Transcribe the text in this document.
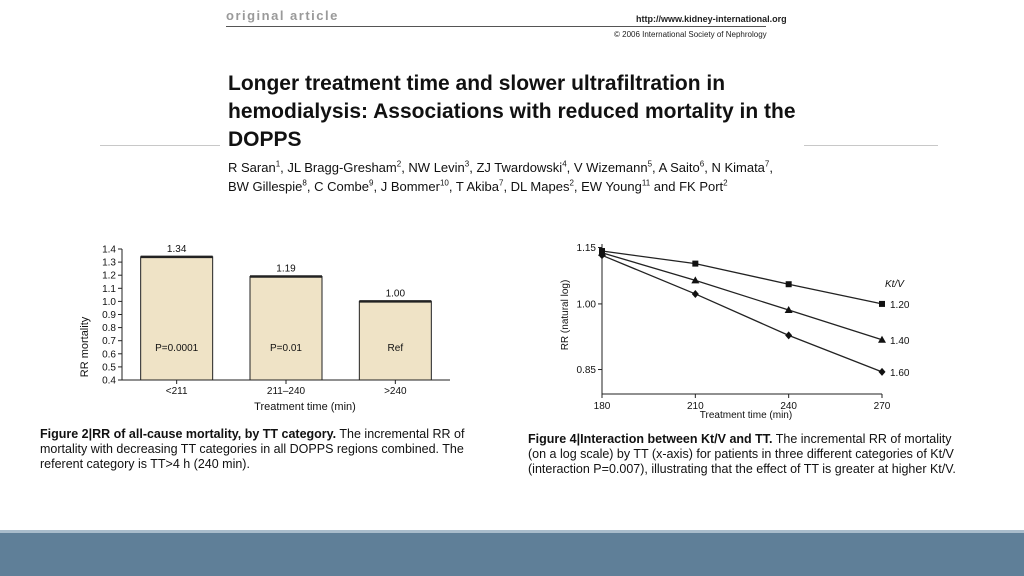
original article	http://www.kidney-international.org
© 2006 International Society of Nephrology
Longer treatment time and slower ultrafiltration in hemodialysis: Associations with reduced mortality in the DOPPS
R Saran$^1$, JL Bragg-Gresham$^2$, NW Levin$^3$, ZJ Twardowski$^4$, V Wizemann$^5$, A Saito$^6$, N Kimata$^7$,
BW Gillespie$^8$, C Combe$^9$, J Bommer$^{10}$, T Akiba$^7$, DL Mapes$^2$, EW Young$^{11}$ and FK Port$^2$
1.4
1.3
1.2
1.1
1.0
0.9
0.8
0.7
0.6
0.5
0.4
<211	211–240	>240
1.34
P=0.0001
1.19
P=0.01
1.00
Ref
Treatment time (min)
RR mortality
1.15
1.00
0.85
180	210	240	270
1.20
1.40
1.60
Kt/V
Treatment time (min)
RR (natural log)
Figure 2|RR of all-cause mortality, by TT category. The incremental RR of mortality with decreasing TT categories in all DOPPS regions combined. The referent category is TT>4 h (240 min).
Figure 4|Interaction between Kt/V and TT. The incremental RR of mortality (on a log scale) by TT (x-axis) for patients in three different categories of Kt/V (interaction P=0.007), illustrating that the effect of TT is greater at higher Kt/V.
